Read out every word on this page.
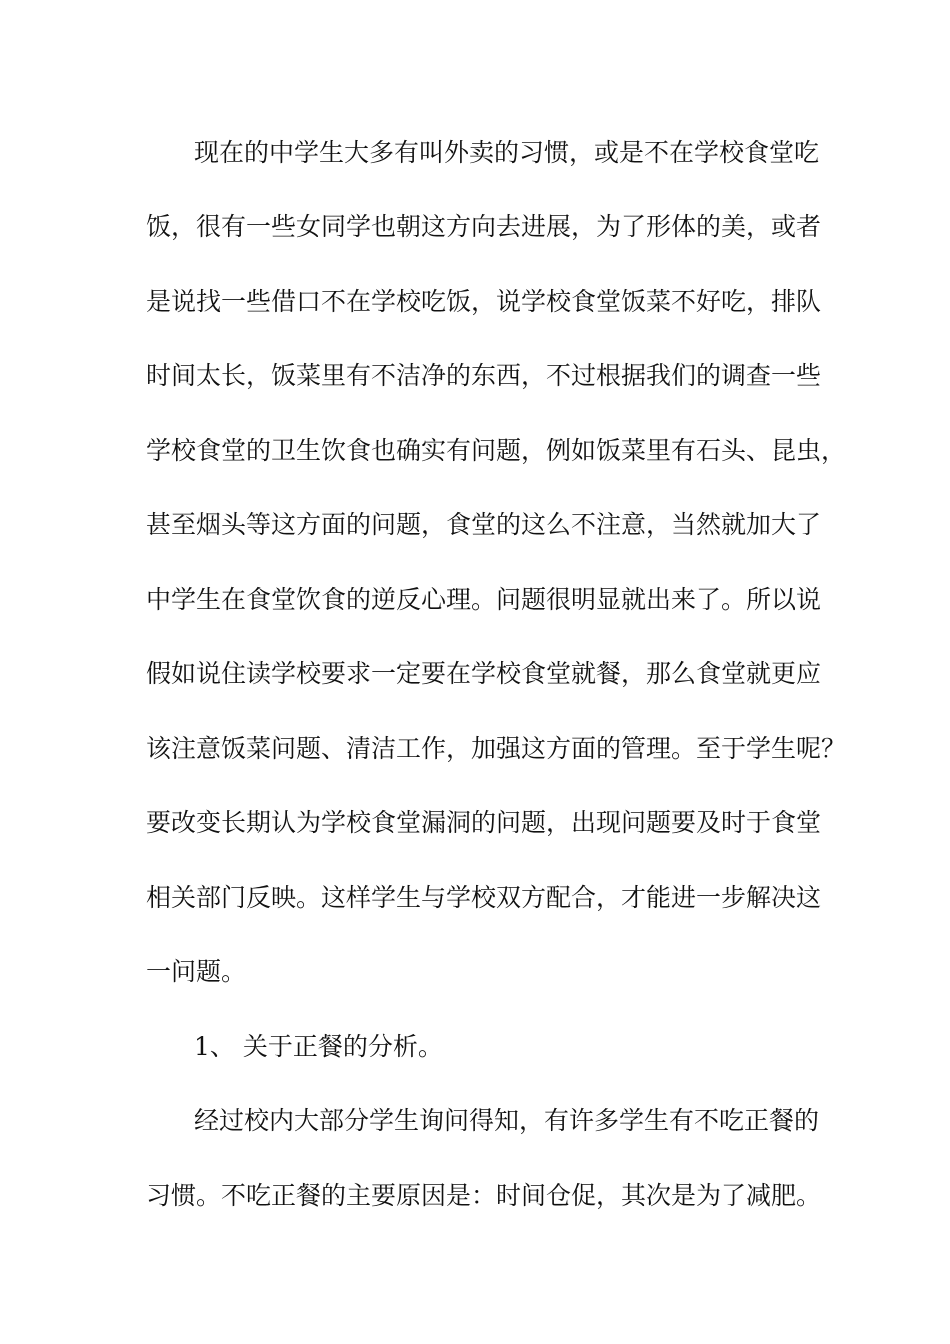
现在的中学生大多有叫外卖的习惯，或是不在学校食堂吃

饭，很有一些女同学也朝这方向去进展，为了形体的美，或者

是说找一些借口不在学校吃饭，说学校食堂饭菜不好吃，排队

时间太长，饭菜里有不洁净的东西，不过根据我们的调查一些

学校食堂的卫生饮食也确实有问题，例如饭菜里有石头、昆虫，

甚至烟头等这方面的问题，食堂的这么不注意，当然就加大了

中学生在食堂饮食的逆反心理。问题很明显就出来了。所以说

假如说住读学校要求一定要在学校食堂就餐，那么食堂就更应

该注意饭菜问题、清洁工作，加强这方面的管理。至于学生呢？

要改变长期认为学校食堂漏洞的问题，出现问题要及时于食堂

相关部门反映。这样学生与学校双方配合，才能进一步解决这

一问题。

1、 关于正餐的分析。

经过校内大部分学生询问得知，有许多学生有不吃正餐的

习惯。不吃正餐的主要原因是：时间仓促，其次是为了减肥。
